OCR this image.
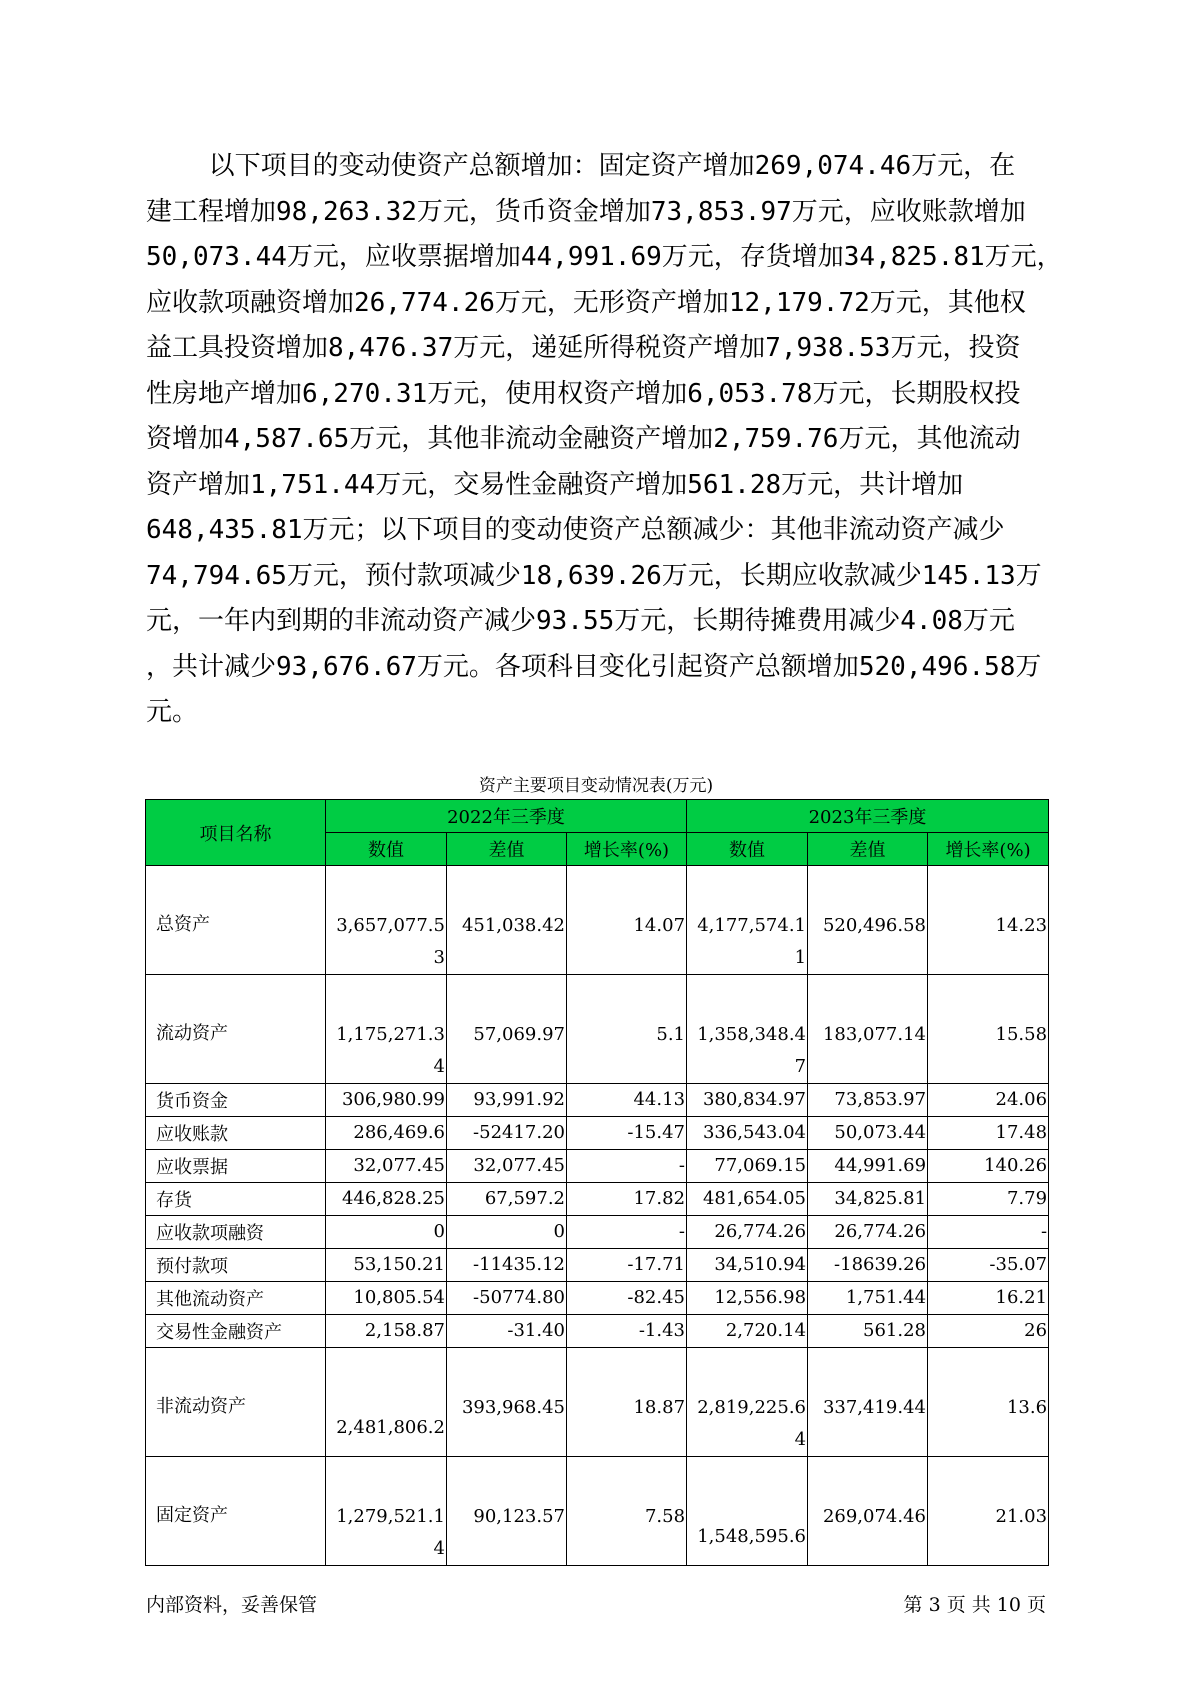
以下项目的变动使资产总额增加：固定资产增加269,074.46万元，在
建工程增加98,263.32万元，货币资金增加73,853.97万元，应收账款增加
50,073.44万元，应收票据增加44,991.69万元，存货增加34,825.81万元，
应收款项融资增加26,774.26万元，无形资产增加12,179.72万元，其他权
益工具投资增加8,476.37万元，递延所得税资产增加7,938.53万元，投资
性房地产增加6,270.31万元，使用权资产增加6,053.78万元，长期股权投
资增加4,587.65万元，其他非流动金融资产增加2,759.76万元，其他流动
资产增加1,751.44万元，交易性金融资产增加561.28万元，共计增加
648,435.81万元；以下项目的变动使资产总额减少：其他非流动资产减少
74,794.65万元，预付款项减少18,639.26万元，长期应收款减少145.13万
元，一年内到期的非流动资产减少93.55万元，长期待摊费用减少4.08万元
，共计减少93,676.67万元。各项科目变化引起资产总额增加520,496.58万
元。

资产主要项目变动情况表(万元)

项目名称	2022年三季度			2023年三季度		
	数值	差值	增长率(%)	数值	差值	增长率(%)
总资产	3,657,077.53	451,038.42	14.07	4,177,574.11	520,496.58	14.23
流动资产	1,175,271.34	57,069.97	5.1	1,358,348.47	183,077.14	15.58
货币资金	306,980.99	93,991.92	44.13	380,834.97	73,853.97	24.06
应收账款	286,469.6	-52417.20	-15.47	336,543.04	50,073.44	17.48
应收票据	32,077.45	32,077.45	-	77,069.15	44,991.69	140.26
存货	446,828.25	67,597.2	17.82	481,654.05	34,825.81	7.79
应收款项融资	0	0	-	26,774.26	26,774.26	-
预付款项	53,150.21	-11435.12	-17.71	34,510.94	-18639.26	-35.07
其他流动资产	10,805.54	-50774.80	-82.45	12,556.98	1,751.44	16.21
交易性金融资产	2,158.87	-31.40	-1.43	2,720.14	561.28	26
非流动资产	2,481,806.2	393,968.45	18.87	2,819,225.64	337,419.44	13.6
固定资产	1,279,521.14	90,123.57	7.58	1,548,595.6	269,074.46	21.03

内部资料，妥善保管	第 3 页 共 10 页
